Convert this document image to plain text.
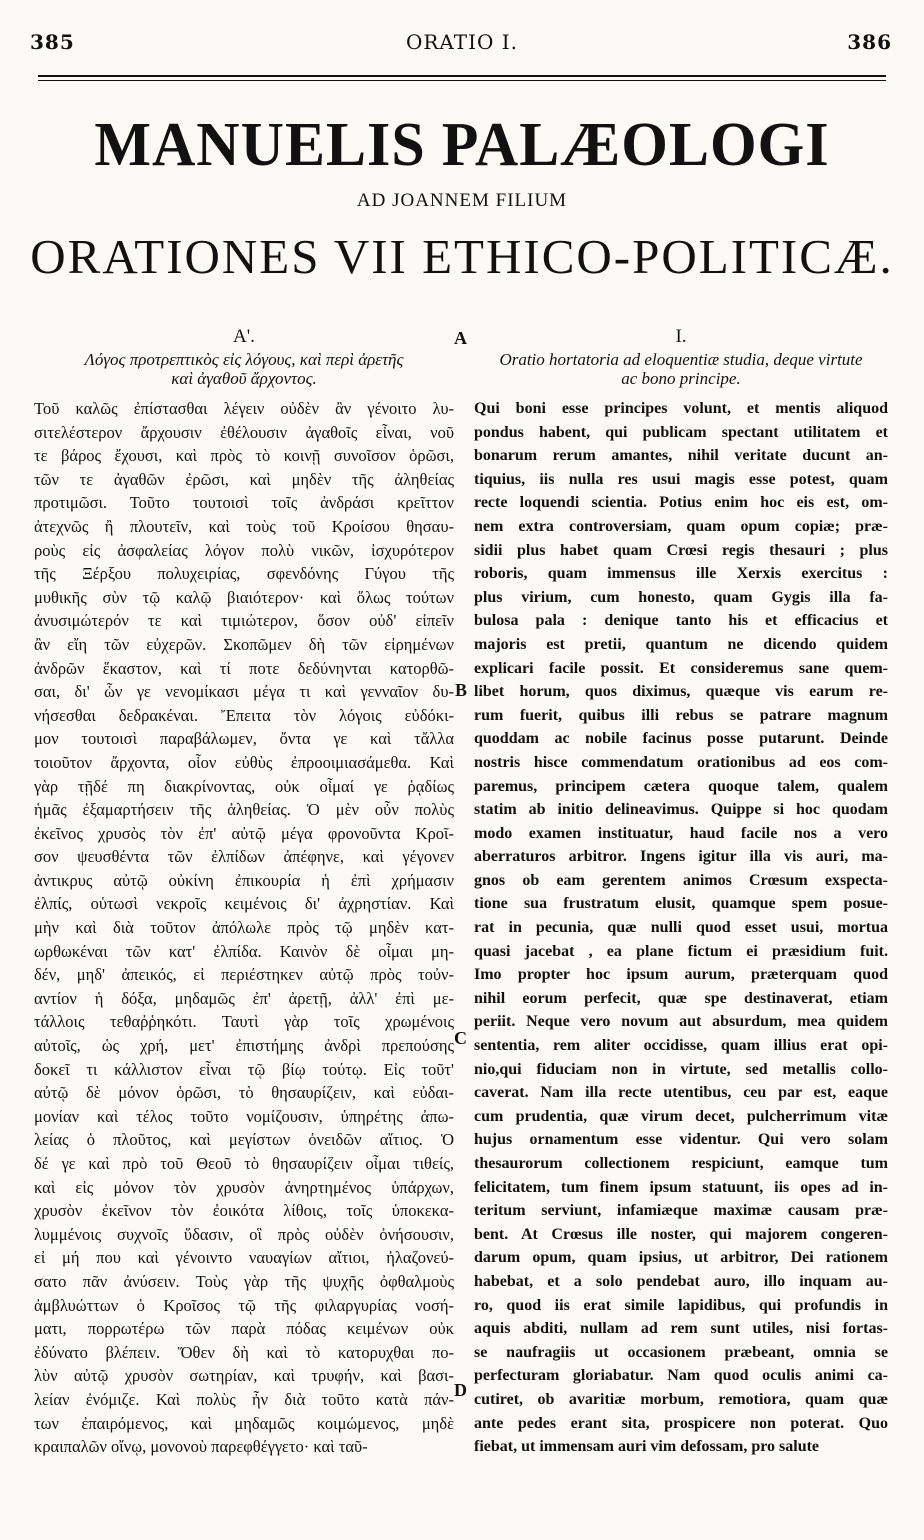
385	ORATIO I.	386
MANUELIS PALÆOLOGI
AD JOANNEM FILIUM
ORATIONES VII ETHICO-POLITICÆ.
A
B
C
D
Α'.
Λόγος προτρεπτικὸς εἰς λόγους, καὶ περὶ ἀρετῆς
καὶ ἀγαθοῦ ἄρχοντος.
Τοῦ καλῶς ἐπίστασθαι λέγειν οὐδὲν ἂν γένοιτο λυ-
σιτελέστερον ἄρχουσιν ἐθέλουσιν ἀγαθοῖς εἶναι, νοῦ
τε βάρος ἔχουσι, καὶ πρὸς τὸ κοινῇ συνοῖσον ὁρῶσι,
τῶν τε ἀγαθῶν ἐρῶσι, καὶ μηδὲν τῆς ἀληθείας
προτιμῶσι. Τοῦτο τουτοισὶ τοῖς ἀνδράσι κρεῖττον
ἀτεχνῶς ἢ πλουτεῖν, καὶ τοὺς τοῦ Κροίσου θησαυ-
ροὺς εἰς ἀσφαλείας λόγον πολὺ νικῶν, ἰσχυρότερον
τῆς Ξέρξου πολυχειρίας, σφενδόνης Γύγου τῆς
μυθικῆς σὺν τῷ καλῷ βιαιότερον· καὶ ὅλως τούτων
ἀνυσιμώτερόν τε καὶ τιμιώτερον, ὅσον οὐδ' εἰπεῖν
ἂν εἴη τῶν εὐχερῶν. Σκοπῶμεν δὴ τῶν εἰρημένων
ἀνδρῶν ἕκαστον, καὶ τί ποτε δεδύνηνται κατορθῶ-
σαι, δι' ὧν γε νενομίκασι μέγα τι καὶ γενναῖον δυ-
νήσεσθαι δεδρακέναι. Ἔπειτα τὸν λόγοις εὐδόκι-
μον τουτοισὶ παραβάλωμεν, ὄντα γε καὶ τἄλλα
τοιοῦτον ἄρχοντα, οἷον εὐθὺς ἐπροοιμιασάμεθα. Καὶ
γὰρ τῇδέ πη διακρίνοντας, οὐκ οἶμαί γε ῥᾳδίως
ἡμᾶς ἐξαμαρτήσειν τῆς ἀληθείας. Ὁ μὲν οὖν πολὺς
ἐκεῖνος χρυσὸς τὸν ἐπ' αὐτῷ μέγα φρονοῦντα Κροῖ-
σον ψευσθέντα τῶν ἐλπίδων ἀπέφηνε, καὶ γέγονεν
ἀντικρυς αὐτῷ οὐκίνη ἐπικουρία ἡ ἐπὶ χρήμασιν
ἐλπίς, οὑτωσὶ νεκροῖς κειμένοις δι' ἀχρηστίαν. Καὶ
μὴν καὶ διὰ τοῦτον ἀπόλωλε πρὸς τῷ μηδὲν κατ-
ωρθωκέναι τῶν κατ' ἐλπίδα. Καινὸν δὲ οἶμαι μη-
δέν, μηδ' ἀπεικός, εἰ περιέστηκεν αὐτῷ πρὸς τοὐν-
αντίον ἡ δόξα, μηδαμῶς ἐπ' ἀρετῇ, ἀλλ' ἐπὶ με-
τάλλοις τεθαῤῥηκότι. Ταυτὶ γὰρ τοῖς χρωμένοις
αὐτοῖς, ὡς χρή, μετ' ἐπιστήμης ἀνδρὶ πρεπούσης
δοκεῖ τι κάλλιστον εἶναι τῷ βίῳ τούτῳ. Εἰς τοῦτ'
αὐτῷ δὲ μόνον ὁρῶσι, τὸ θησαυρίζειν, καὶ εὐδαι-
μονίαν καὶ τέλος τοῦτο νομίζουσιν, ὑπηρέτης ἀπω-
λείας ὁ πλοῦτος, καὶ μεγίστων ὀνειδῶν αἴτιος. Ὁ
δέ γε καὶ πρὸ τοῦ Θεοῦ τὸ θησαυρίζειν οἶμαι τιθείς,
καὶ εἰς μόνον τὸν χρυσὸν ἀνηρτημένος ὑπάρχων,
χρυσὸν ἐκεῖνον τὸν ἐοικότα λίθοις, τοῖς ὑποκεκα-
λυμμένοις συχνοῖς ὕδασιν, οἳ πρὸς οὐδὲν ὀνήσουσιν,
εἰ μή που καὶ γένοιντο ναυαγίων αἴτιοι, ἠλαζονεύ-
σατο πᾶν ἀνύσειν. Τοὺς γὰρ τῆς ψυχῆς ὀφθαλμοὺς
ἀμβλυώττων ὁ Κροῖσος τῷ τῆς φιλαργυρίας νοσή-
ματι, πορρωτέρω τῶν παρὰ πόδας κειμένων οὐκ
ἐδύνατο βλέπειν. Ὅθεν δὴ καὶ τὸ κατορυχθαι πο-
λὺν αὐτῷ χρυσὸν σωτηρίαν, καὶ τρυφήν, καὶ βασι-
λείαν ἐνόμιζε. Καὶ πολὺς ἦν διὰ τοῦτο κατὰ πάν-
των ἐπαιρόμενος, καὶ μηδαμῶς κοιμώμενος, μηδὲ
κραιπαλῶν οἴνῳ, μονονοὺ παρεφθέγγετο· καὶ ταῦ-
I.
Oratio hortatoria ad eloquentiæ studia, deque virtute
ac bono principe.
Qui boni esse principes volunt, et mentis aliquod
pondus habent, qui publicam spectant utilitatem et
bonarum rerum amantes, nihil veritate ducunt an-
tiquius, iis nulla res usui magis esse potest, quam
recte loquendi scientia. Potius enim hoc eis est, om-
nem extra controversiam, quam opum copiæ; præ-
sidii plus habet quam Crœsi regis thesauri ; plus
roboris, quam immensus ille Xerxis exercitus :
plus virium, cum honesto, quam Gygis illa fa-
bulosa pala : denique tanto his et efficacius et
majoris est pretii, quantum ne dicendo quidem
explicari facile possit. Et consideremus sane quem-
libet horum, quos diximus, quæque vis earum re-
rum fuerit, quibus illi rebus se patrare magnum
quoddam ac nobile facinus posse putarunt. Deinde
nostris hisce commendatum orationibus ad eos com-
paremus, principem cætera quoque talem, qualem
statim ab initio delineavimus. Quippe si hoc quodam
modo examen instituatur, haud facile nos a vero
aberraturos arbitror. Ingens igitur illa vis auri, ma-
gnos ob eam gerentem animos Crœsum exspecta-
tione sua frustratum elusit, quamque spem posue-
rat in pecunia, quæ nulli quod esset usui, mortua
quasi jacebat , ea plane fictum ei præsidium fuit.
Imo propter hoc ipsum aurum, præterquam quod
nihil eorum perfecit, quæ spe destinaverat, etiam
periit. Neque vero novum aut absurdum, mea quidem
sententia, rem aliter occidisse, quam illius erat opi-
nio,qui fiduciam non in virtute, sed metallis collo-
caverat. Nam illa recte utentibus, ceu par est, eaque
cum prudentia, quæ virum decet, pulcherrimum vitæ
hujus ornamentum esse videntur. Qui vero solam
thesaurorum collectionem respiciunt, eamque tum
felicitatem, tum finem ipsum statuunt, iis opes ad in-
teritum serviunt, infamiæque maximæ causam præ-
bent. At Crœsus ille noster, qui majorem congeren-
darum opum, quam ipsius, ut arbitror, Dei rationem
habebat, et a solo pendebat auro, illo inquam au-
ro, quod iis erat simile lapidibus, qui profundis in
aquis abditi, nullam ad rem sunt utiles, nisi fortas-
se naufragiis ut occasionem præbeant, omnia se
perfecturam gloriabatur. Nam quod oculis animi ca-
cutiret, ob avaritiæ morbum, remotiora, quam quæ
ante pedes erant sita, prospicere non poterat. Quo
fiebat, ut immensam auri vim defossam, pro salute
